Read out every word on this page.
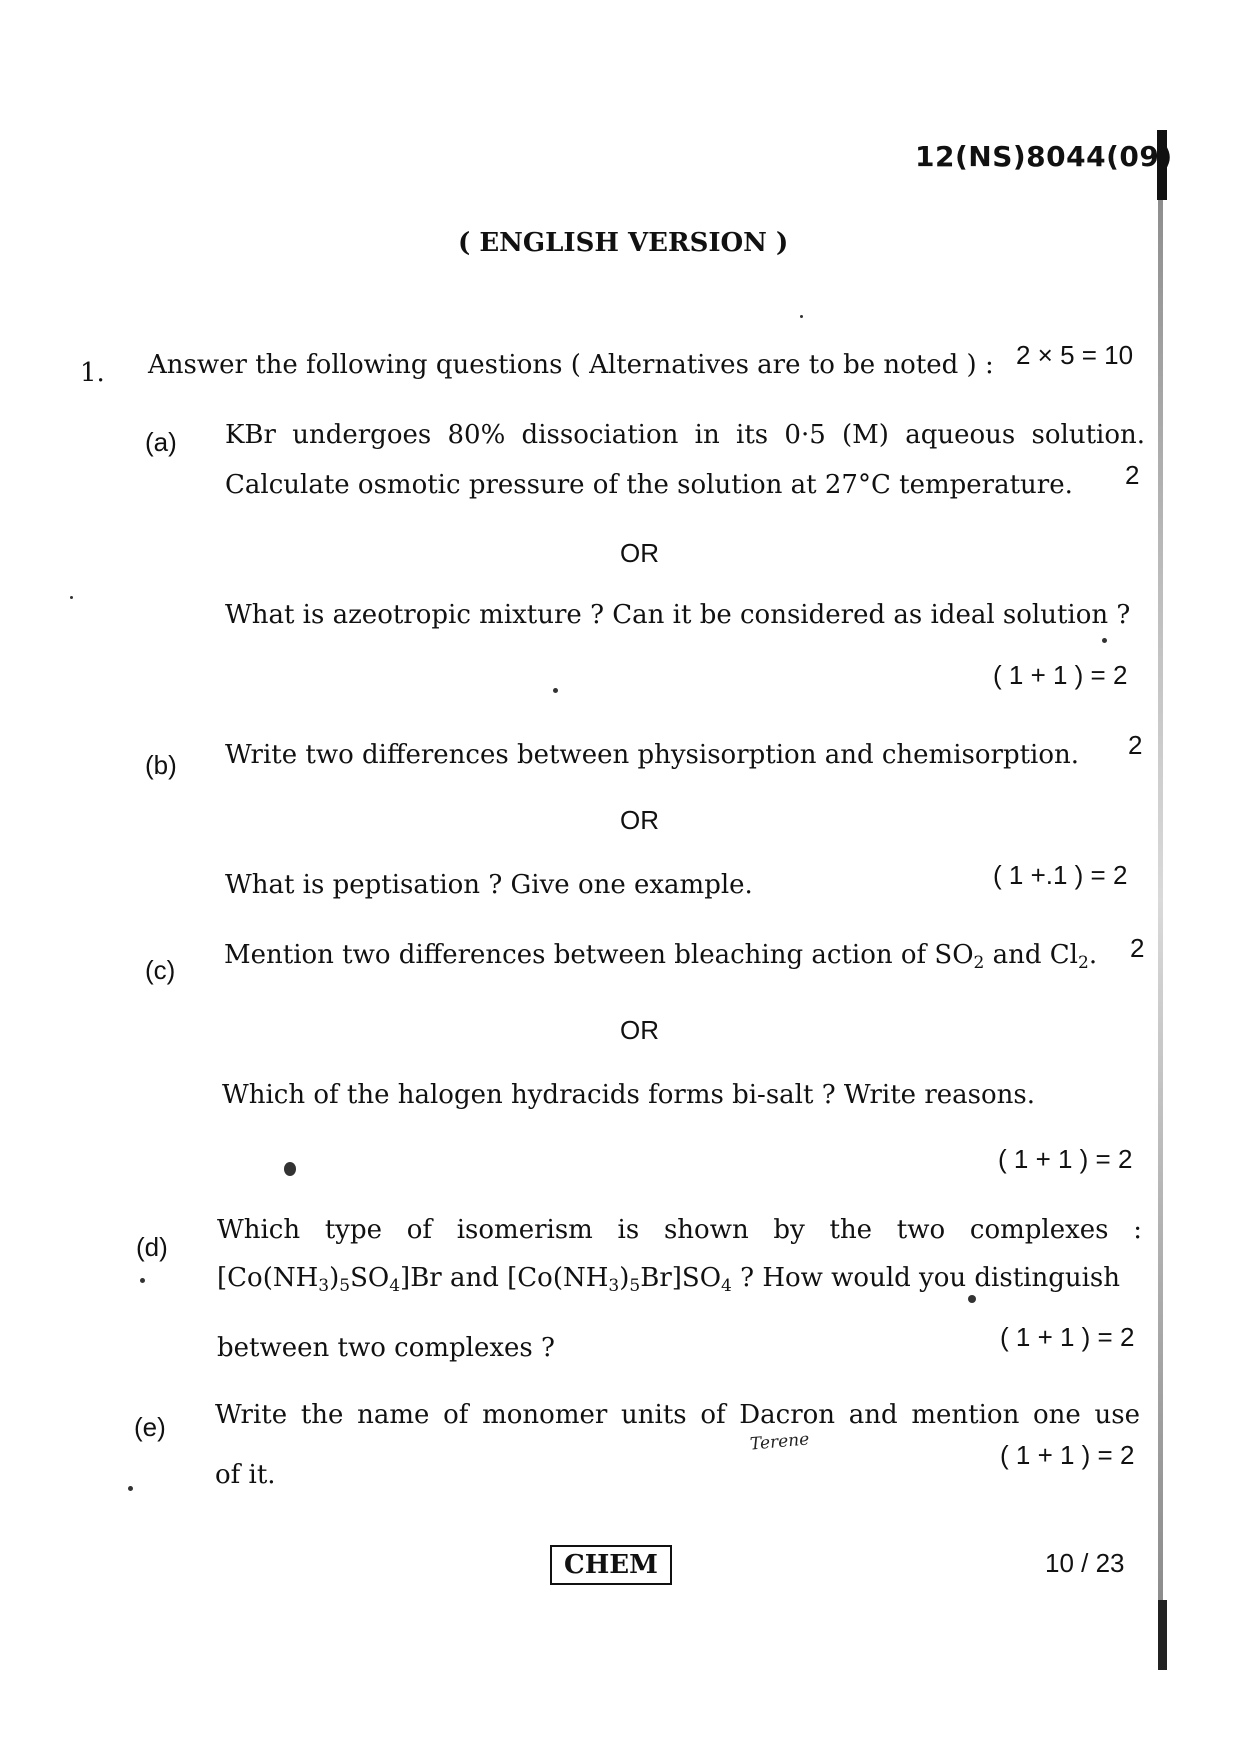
12(NS)8044(09)
( ENGLISH VERSION )
1. Answer the following questions ( Alternatives are to be noted ) : 2 × 5 = 10
(a) KBr undergoes 80% dissociation in its 0·5 (M) aqueous solution.
Calculate osmotic pressure of the solution at 27°C temperature. 2
OR
What is azeotropic mixture ? Can it be considered as ideal solution ?
( 1 + 1 ) = 2
(b) Write two differences between physisorption and chemisorption. 2
OR
What is peptisation ? Give one example.	( 1 +.1 ) = 2
(c) Mention two differences between bleaching action of $SO_2$ and $Cl_2$. 2
OR
Which of the halogen hydracids forms bi-salt ? Write reasons.
( 1 + 1 ) = 2
(d)
Which type of isomerism is shown by the two complexes :
$[Co(NH_3)_5SO_4]Br$ and $[Co(NH_3)_5Br]SO_4$ ? How would you distinguish
between two complexes ?	( 1 + 1 ) = 2
(e) Write the name of monomer units of Dacron and mention one use
of it.
Terene	( 1 + 1 ) = 2
CHEM	10 / 23
